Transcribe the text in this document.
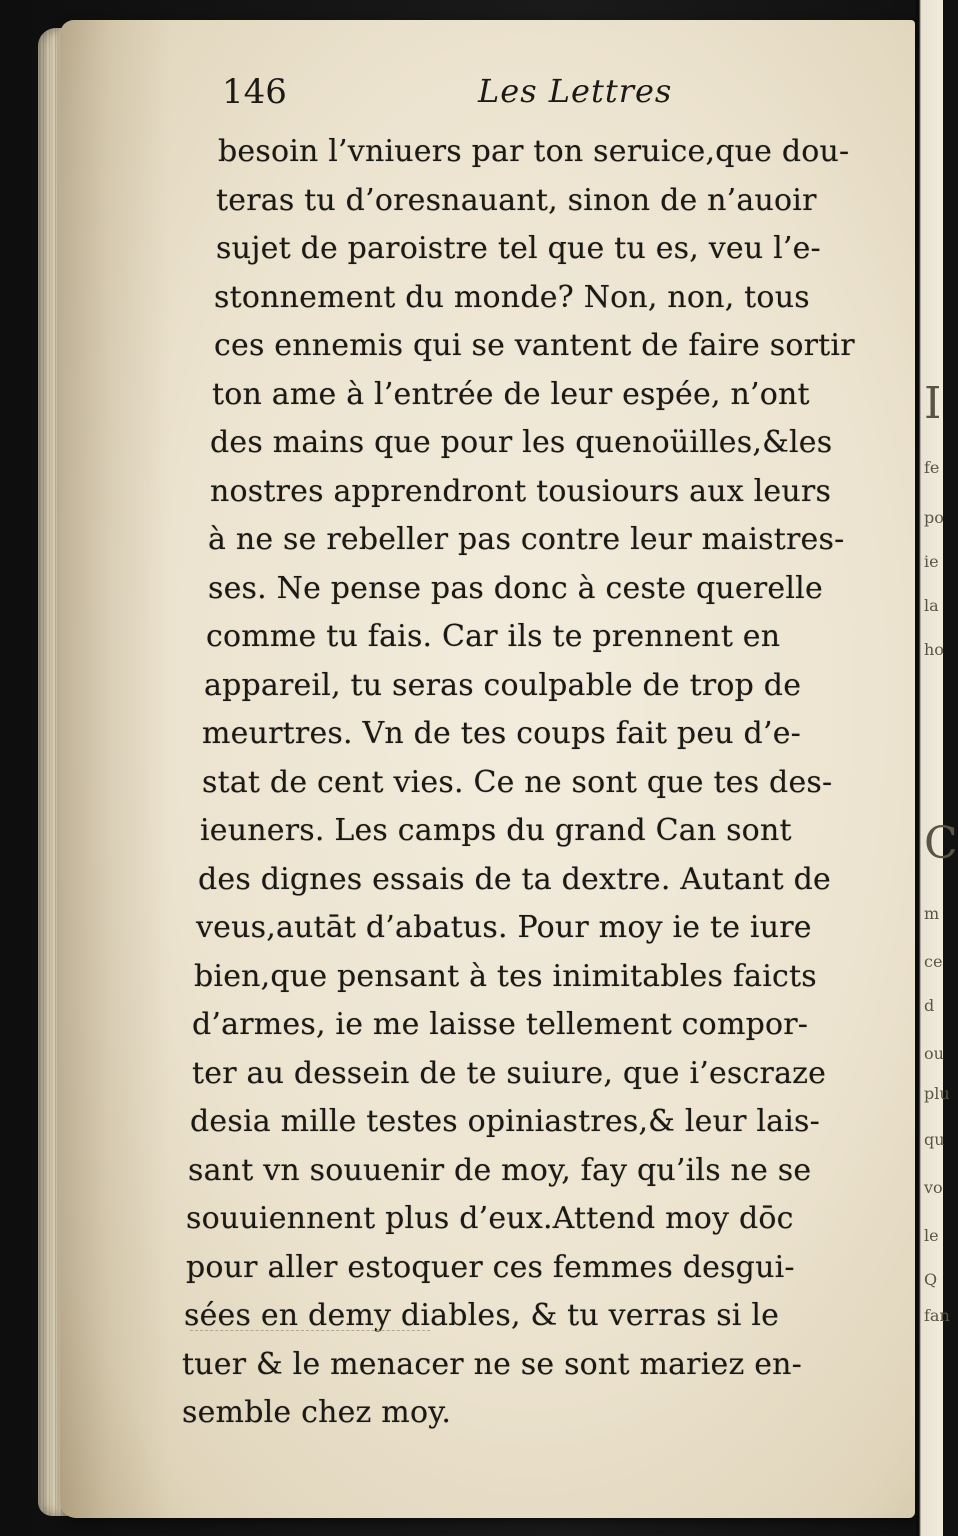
I
fe
po
ie
la
ho
C
m
ce
d
ou
plu
qu
vo
le
Q
fan
146	Les Lettres
besoin l’vniuers par ton seruice,que dou-
teras tu d’oresnauant, sinon de n’auoir
sujet de paroistre tel que tu es, veu l’e-
stonnement du monde? Non, non, tous
ces ennemis qui se vantent de faire sortir
ton ame à l’entrée de leur espée, n’ont
des mains que pour les quenoüilles,&les
nostres apprendront tousiours aux leurs
à ne se rebeller pas contre leur maistres-
ses. Ne pense pas donc à ceste querelle
comme tu fais. Car ils te prennent en
appareil, tu seras coulpable de trop de
meurtres. Vn de tes coups fait peu d’e-
stat de cent vies. Ce ne sont que tes des-
ieuners. Les camps du grand Can sont
des dignes essais de ta dextre. Autant de
veus,autāt d’abatus. Pour moy ie te iure
bien,que pensant à tes inimitables faicts
d’armes, ie me laisse tellement compor-
ter au dessein de te suiure, que i’escraze
desia mille testes opiniastres,& leur lais-
sant vn souuenir de moy, fay qu’ils ne se
souuiennent plus d’eux.Attend moy dōc
pour aller estoquer ces femmes desgui-
sées en demy diables, & tu verras si le
tuer & le menacer ne se sont mariez en-
semble chez moy.
